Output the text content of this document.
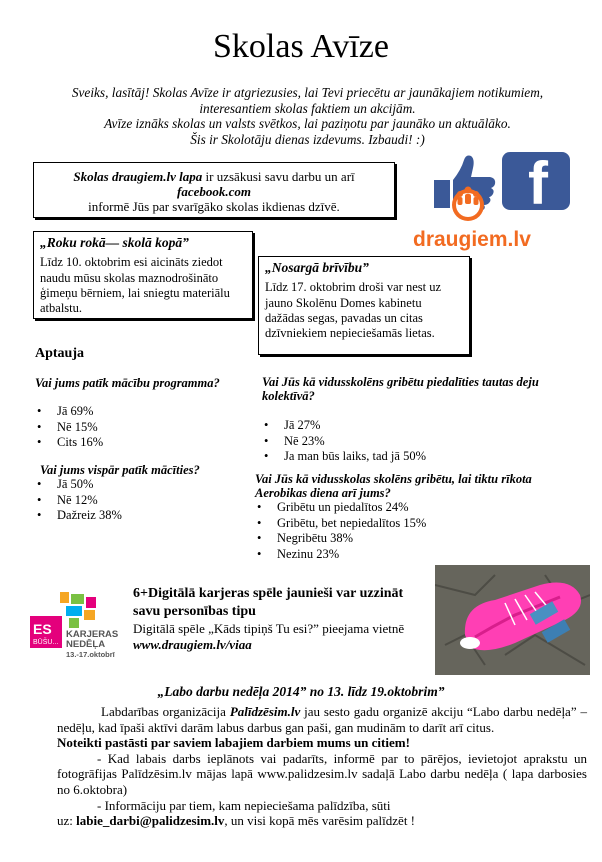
Skolas Avīze
Sveiks, lasītāj! Skolas Avīze ir atgriezusies, lai Tevi priecētu ar jaunākajiem notikumiem,
interesantiem skolas faktiem un akcijām.
Avīze iznāks skolas un valsts svētkos, lai paziņotu par jaunāko un aktuālāko.
Šis ir Skolotāju dienas izdevums. Izbaudi! :)
Skolas draugiem.lv lapa ir uzsākusi savu darbu un arī facebook.com
informē Jūs par svarīgāko skolas ikdienas dzīvē.	f
draugiem.lv
„Roku rokā— skolā kopā”
Līdz 10. oktobrim esi aicināts ziedot naudu mūsu skolas maznodrošināto ģimeņu bērniem, lai sniegtu materiālu atbalstu.
„Nosargā brīvību”
Līdz 17. oktobrim droši var nest uz jauno Skolēnu Domes kabinetu dažādas segas, pavadas un citas dzīvniekiem nepieciešamās lietas.
Aptauja
Vai jums patīk mācību programma?
• Jā 69%
• Nē 15%
• Cits 16%
Vai jums vispār patīk mācīties?
• Jā 50%
• Nē 12%
• Dažreiz 38%
Vai Jūs kā vidusskolēns gribētu piedalīties tautas deju kolektīvā?
• Jā 27%
• Nē 23%
• Ja man būs laiks, tad jā 50%
Vai Jūs kā vidusskolas skolēns gribētu, lai tiktu rīkota Aerobikas diena arī jums?
• Gribētu un piedalītos 24%
• Gribētu, bet nepiedalītos 15%
• Negribētu 38%
• Nezinu 23%
ES
BŪŠU...
KARJERAS
NEDĒĻA
13.-17.oktobrī
6+Digitālā karjeras spēle jaunieši var uzzināt savu personības tipu
Digitālā spēle „Kāds tipiņš Tu esi?” pieejama vietnē
www.draugiem.lv/viaa
„Labo darbu nedēļa 2014” no 13. līdz 19.oktobrim”

Labdarības organizācija Palīdzēsim.lv jau sesto gadu organizē akciju “Labo darbu nedēļa” – nedēļu, kad īpaši aktīvi darām labus darbus gan paši, gan mudinām to darīt arī citus.

Noteikti pastāsti par saviem labajiem darbiem mums un citiem!

- Kad labais darbs ieplānots vai padarīts, informē par to pārējos, ievietojot aprakstu un fotogrāfijas Palīdzēsim.lv mājas lapā www.palidzesim.lv sadaļā Labo darbu nedēļa ( lapa darbosies no 6.oktobra)

- Informāciju par tiem, kam nepieciešama palīdzība, sūti

uz: labie_darbi@palidzesim.lv, un visi kopā mēs varēsim palīdzēt !
